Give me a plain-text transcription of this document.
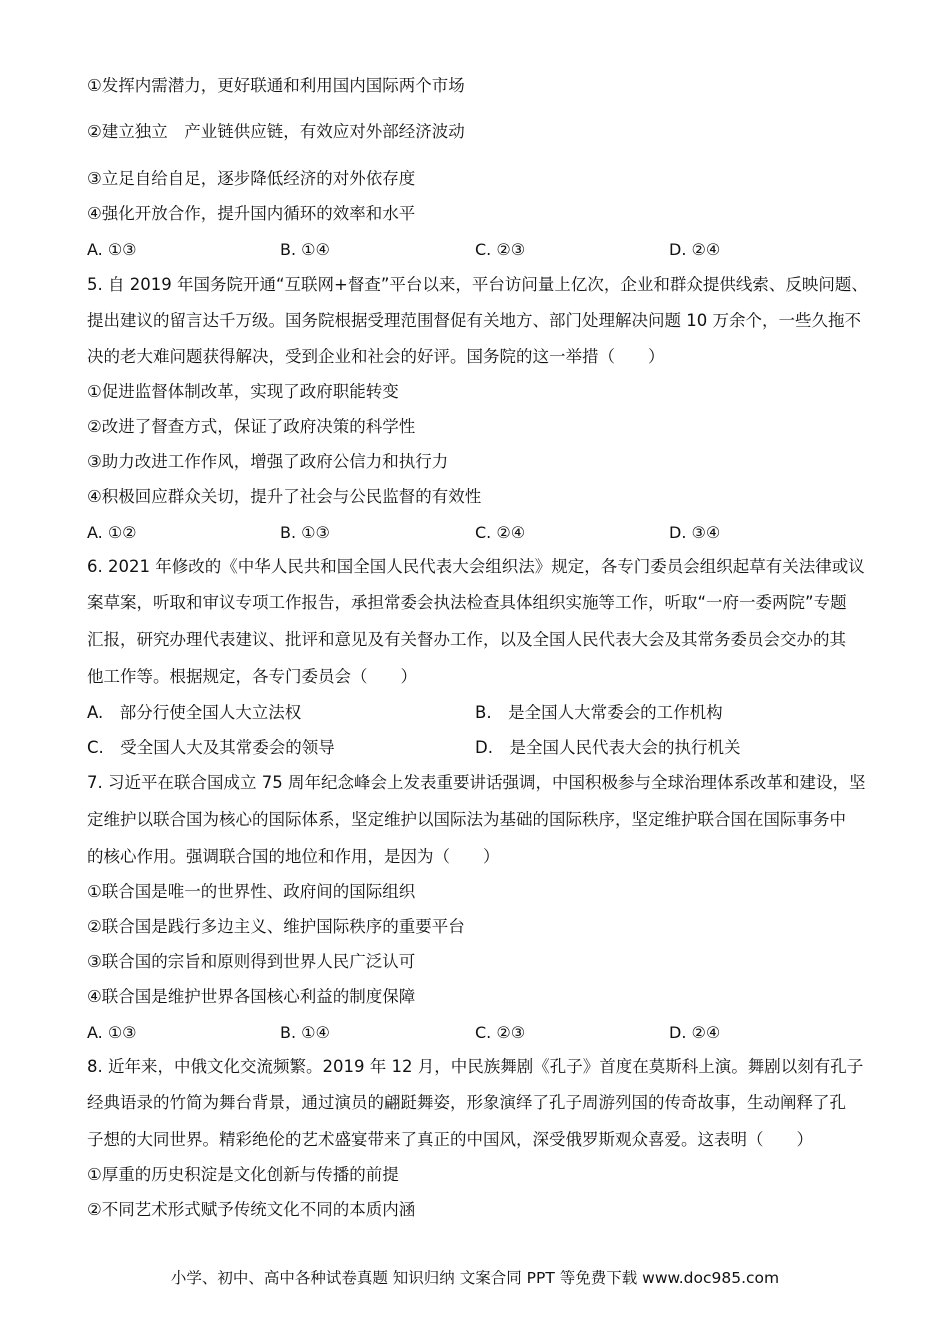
①发挥内需潜力，更好联通和利用国内国际两个市场
②建立独立　产业链供应链，有效应对外部经济波动
③立足自给自足，逐步降低经济的对外依存度
④强化开放合作，提升国内循环的效率和水平
A. ①③	B. ①④	C. ②③	D. ②④
5. 自 2019 年国务院开通“互联网+督查”平台以来，平台访问量上亿次，企业和群众提供线索、反映问题、
提出建议的留言达千万级。国务院根据受理范围督促有关地方、部门处理解决问题 10 万余个，一些久拖不
决的老大难问题获得解决，受到企业和社会的好评。国务院的这一举措（　　）
①促进监督体制改革，实现了政府职能转变
②改进了督查方式，保证了政府决策的科学性
③助力改进工作作风，增强了政府公信力和执行力
④积极回应群众关切，提升了社会与公民监督的有效性
A. ①②	B. ①③	C. ②④	D. ③④
6. 2021 年修改的《中华人民共和国全国人民代表大会组织法》规定，各专门委员会组织起草有关法律或议
案草案，听取和审议专项工作报告，承担常委会执法检查具体组织实施等工作，听取“一府一委两院”专题
汇报，研究办理代表建议、批评和意见及有关督办工作，以及全国人民代表大会及其常务委员会交办的其
他工作等。根据规定，各专门委员会（　　）
A.　部分行使全国人大立法权	B.　是全国人大常委会的工作机构
C.　受全国人大及其常委会的领导	D.　是全国人民代表大会的执行机关
7. 习近平在联合国成立 75 周年纪念峰会上发表重要讲话强调，中国积极参与全球治理体系改革和建设，坚
定维护以联合国为核心的国际体系，坚定维护以国际法为基础的国际秩序，坚定维护联合国在国际事务中
的核心作用。强调联合国的地位和作用，是因为（　　）
①联合国是唯一的世界性、政府间的国际组织
②联合国是践行多边主义、维护国际秩序的重要平台
③联合国的宗旨和原则得到世界人民广泛认可
④联合国是维护世界各国核心利益的制度保障
A. ①③	B. ①④	C. ②③	D. ②④
8. 近年来，中俄文化交流频繁。2019 年 12 月，中民族舞剧《孔子》首度在莫斯科上演。舞剧以刻有孔子
经典语录的竹简为舞台背景，通过演员的翩跹舞姿，形象演绎了孔子周游列国的传奇故事，生动阐释了孔
子想的大同世界。精彩绝伦的艺术盛宴带来了真正的中国风，深受俄罗斯观众喜爱。这表明（　　）
①厚重的历史积淀是文化创新与传播的前提
②不同艺术形式赋予传统文化不同的本质内涵
小学、初中、高中各种试卷真题 知识归纳 文案合同 PPT 等免费下载 www.doc985.com
